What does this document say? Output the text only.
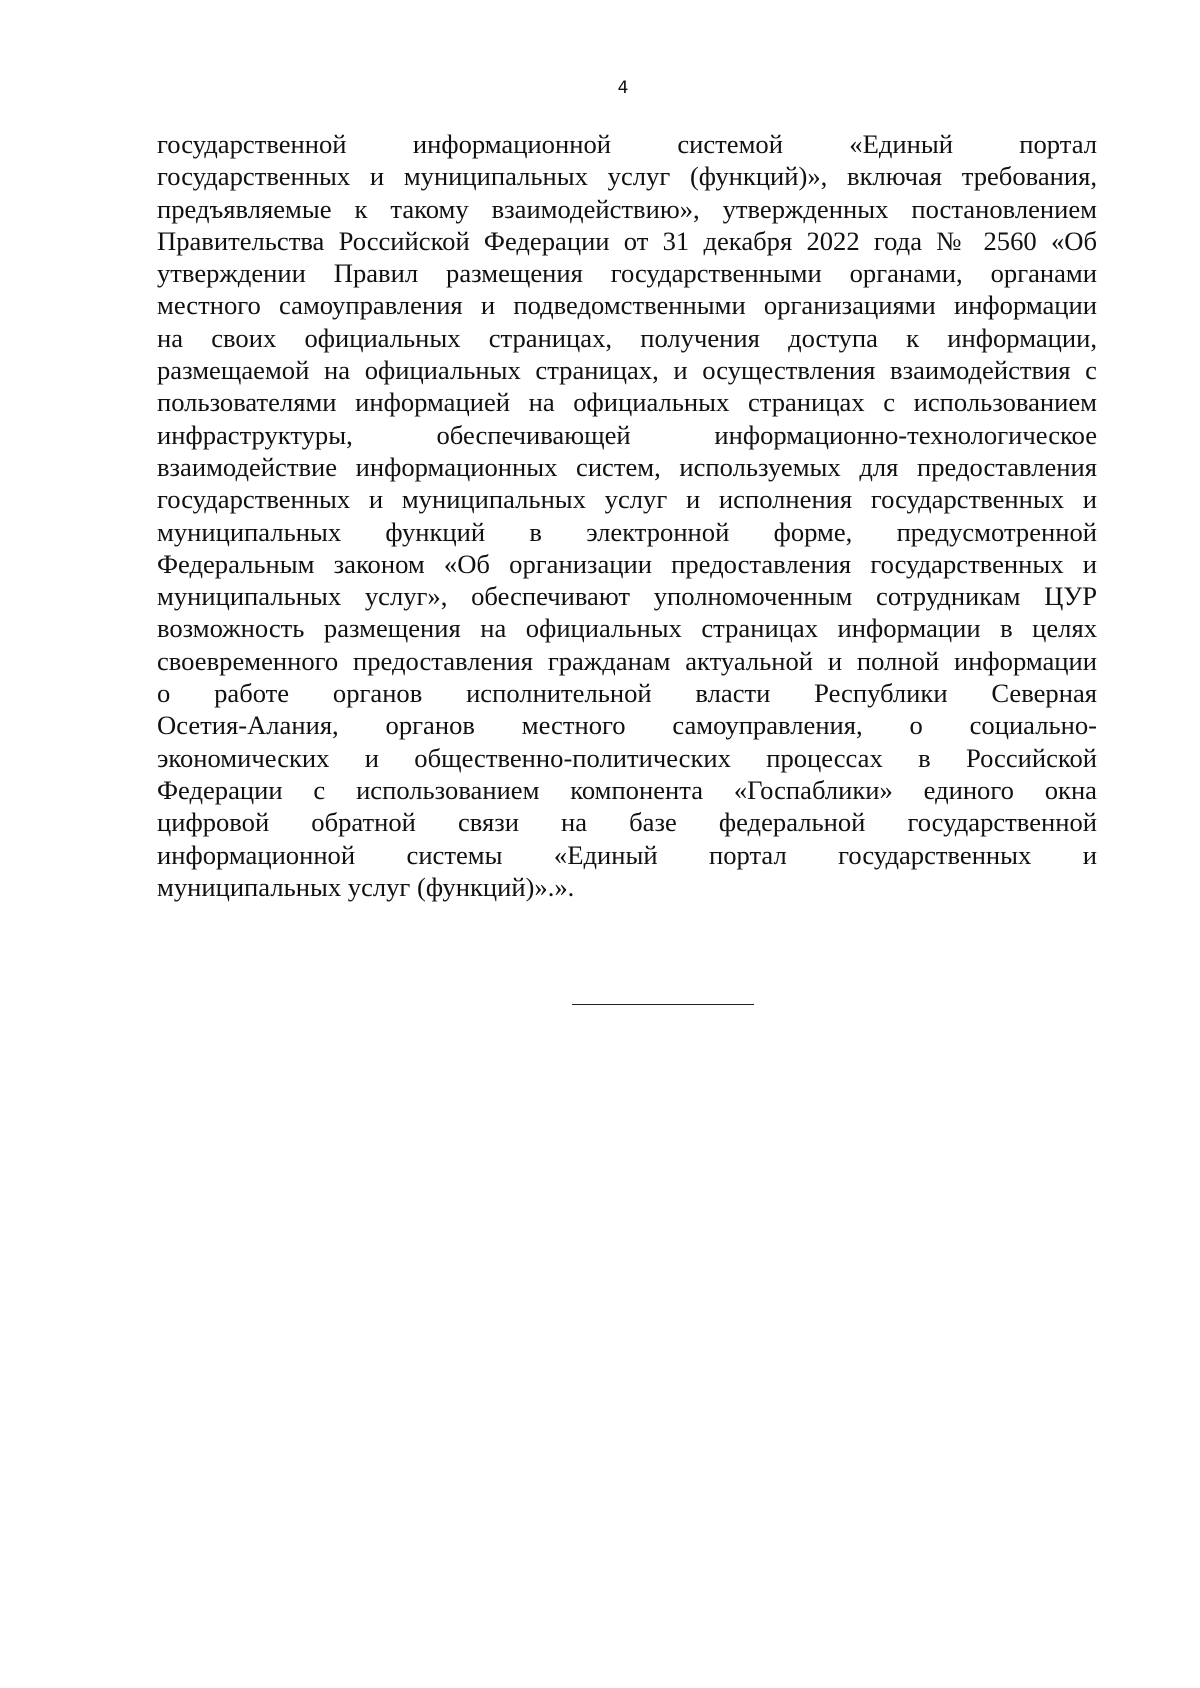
4
государственной информационной системой «Единый портал
государственных и муниципальных услуг (функций)», включая требования,
предъявляемые к такому взаимодействию», утвержденных постановлением
Правительства Российской Федерации от 31 декабря 2022 года № 2560 «Об
утверждении Правил размещения государственными органами, органами
местного самоуправления и подведомственными организациями информации
на своих официальных страницах, получения доступа к информации,
размещаемой на официальных страницах, и осуществления взаимодействия с
пользователями информацией на официальных страницах с использованием
инфраструктуры, обеспечивающей информационно-технологическое
взаимодействие информационных систем, используемых для предоставления
государственных и муниципальных услуг и исполнения государственных и
муниципальных функций в электронной форме, предусмотренной
Федеральным законом «Об организации предоставления государственных и
муниципальных услуг», обеспечивают уполномоченным сотрудникам ЦУР
возможность размещения на официальных страницах информации в целях
своевременного предоставления гражданам актуальной и полной информации
о работе органов исполнительной власти Республики Северная
Осетия-Алания, органов местного самоуправления, о социально-
экономических и общественно-политических процессах в Российской
Федерации с использованием компонента «Госпаблики» единого окна
цифровой обратной связи на базе федеральной государственной
информационной системы «Единый портал государственных и
муниципальных услуг (функций)».».
